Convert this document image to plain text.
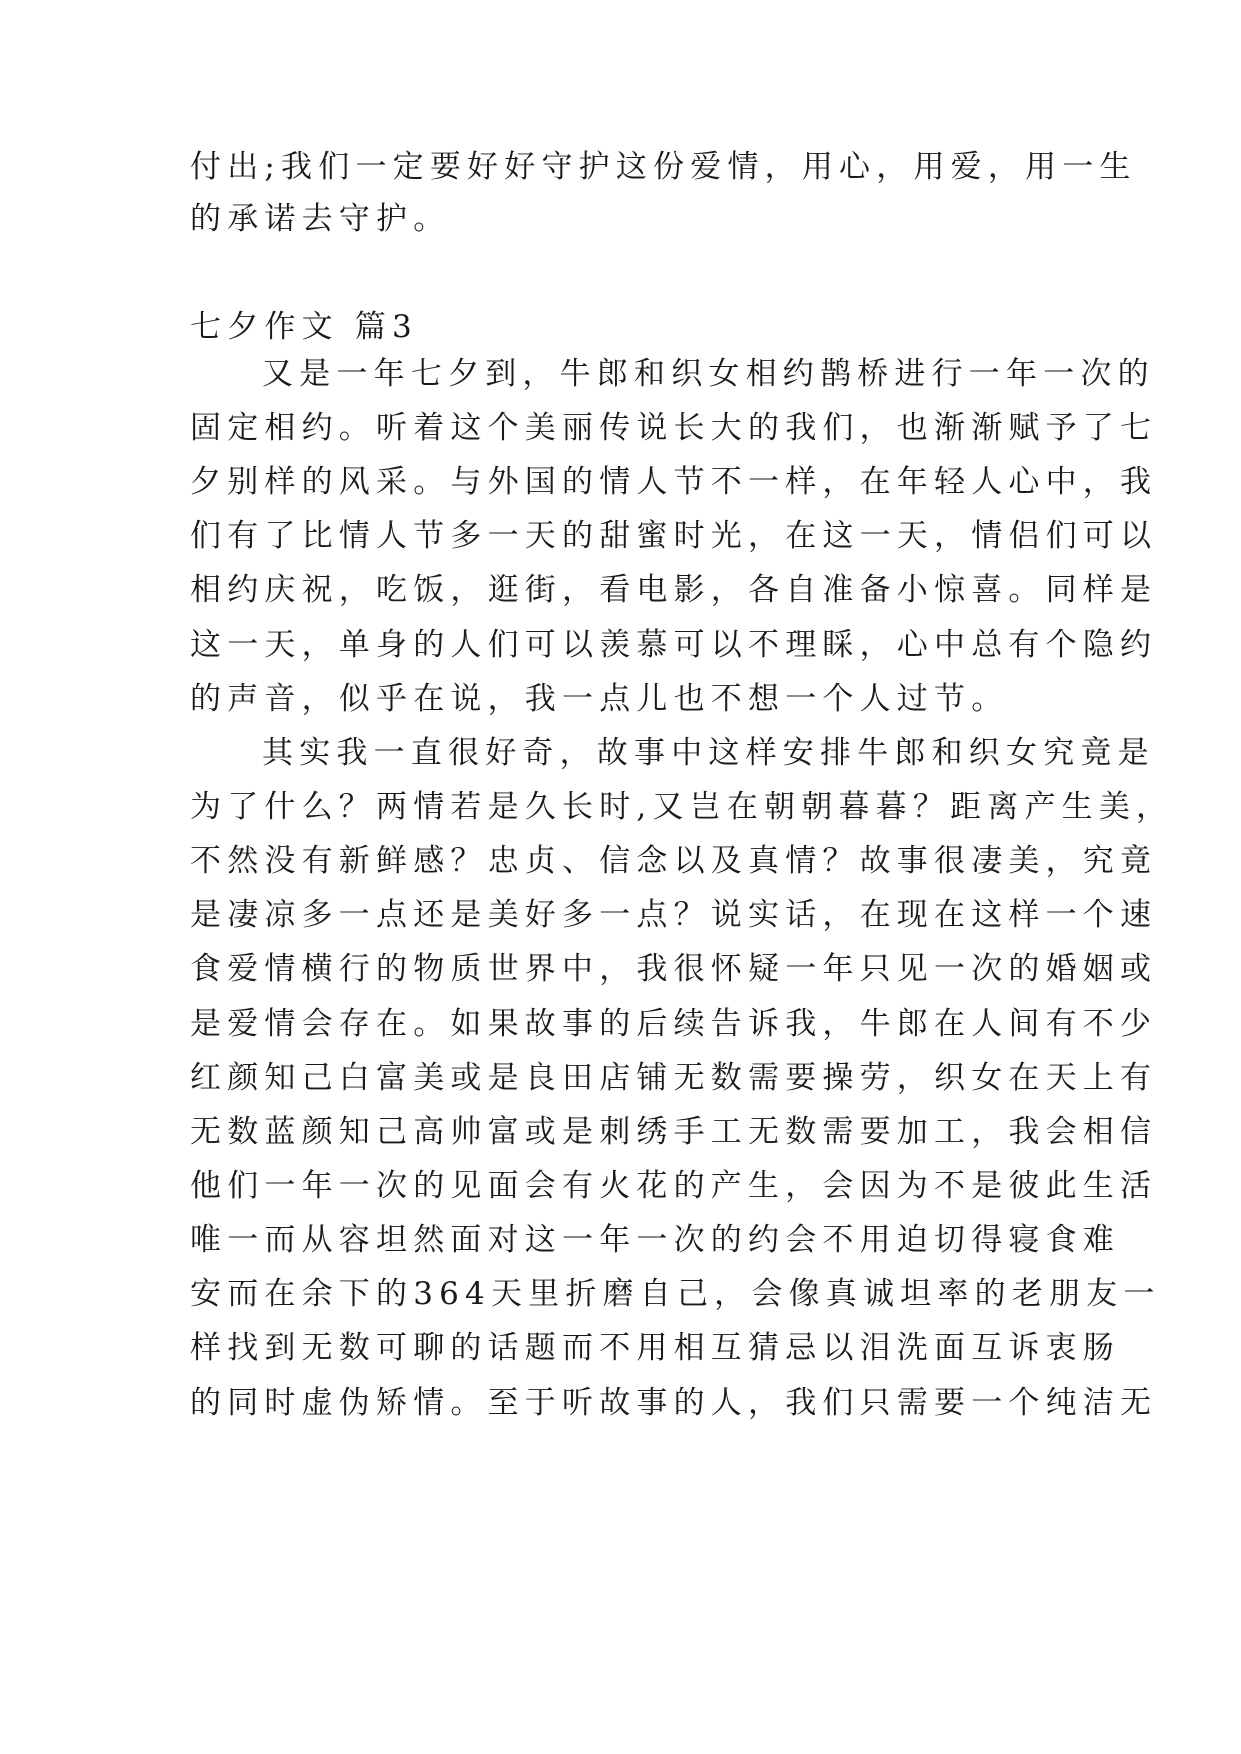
付出;我们一定要好好守护这份爱情，用心，用爱，用一生
的承诺去守护。
七夕作文 篇3
又是一年七夕到，牛郎和织女相约鹊桥进行一年一次的
固定相约。听着这个美丽传说长大的我们，也渐渐赋予了七
夕别样的风采。与外国的情人节不一样，在年轻人心中，我
们有了比情人节多一天的甜蜜时光，在这一天，情侣们可以
相约庆祝，吃饭，逛街，看电影，各自准备小惊喜。同样是
这一天，单身的人们可以羡慕可以不理睬，心中总有个隐约
的声音，似乎在说，我一点儿也不想一个人过节。
其实我一直很好奇，故事中这样安排牛郎和织女究竟是
为了什么？两情若是久长时,又岂在朝朝暮暮？距离产生美，
不然没有新鲜感？忠贞、信念以及真情？故事很凄美，究竟
是凄凉多一点还是美好多一点？说实话，在现在这样一个速
食爱情横行的物质世界中，我很怀疑一年只见一次的婚姻或
是爱情会存在。如果故事的后续告诉我，牛郎在人间有不少
红颜知己白富美或是良田店铺无数需要操劳，织女在天上有
无数蓝颜知己高帅富或是刺绣手工无数需要加工，我会相信
他们一年一次的见面会有火花的产生，会因为不是彼此生活
唯一而从容坦然面对这一年一次的约会不用迫切得寝食难
安而在余下的364天里折磨自己，会像真诚坦率的老朋友一
样找到无数可聊的话题而不用相互猜忌以泪洗面互诉衷肠
的同时虚伪矫情。至于听故事的人，我们只需要一个纯洁无
